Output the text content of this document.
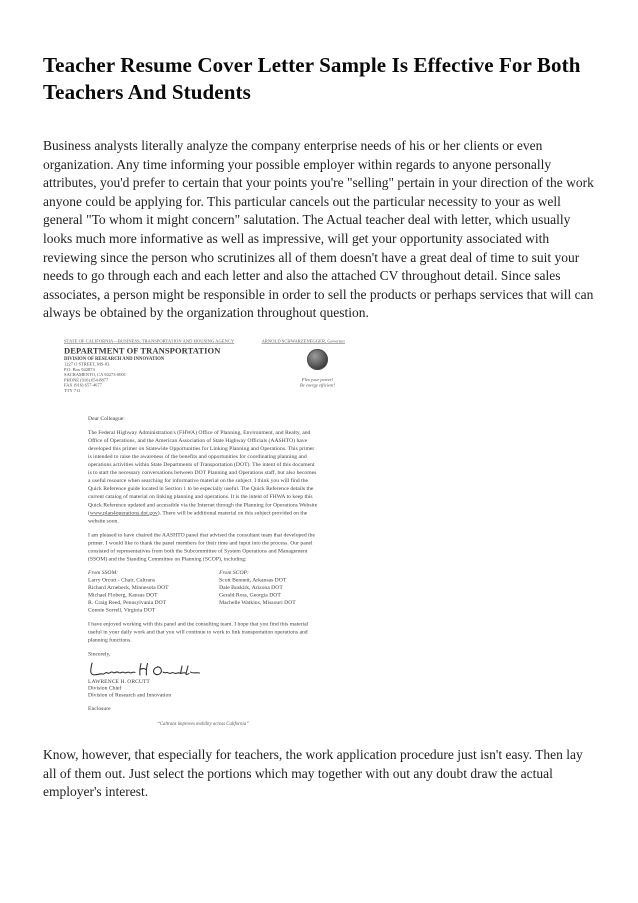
Teacher Resume Cover Letter Sample Is Effective For Both Teachers And Students

Business analysts literally analyze the company enterprise needs of his or her clients or even organization. Any time informing your possible employer within regards to anyone personally attributes, you'd prefer to certain that your points you're "selling" pertain in your direction of the work anyone could be applying for. This particular cancels out the particular necessity to your as well general "To whom it might concern" salutation. The Actual teacher deal with letter, which usually looks much more informative as well as impressive, will get your opportunity associated with reviewing since the person who scrutinizes all of them doesn't have a great deal of time to suit your needs to go through each and each letter and also the attached CV throughout detail. Since sales associates, a person might be responsible in order to sell the products or perhaps services that will can always be obtained by the organization throughout question.

STATE OF CALIFORNIA—BUSINESS, TRANSPORTATION AND HOUSING AGENCY	ARNOLD SCHWARZENEGGER, Governor
DEPARTMENT OF TRANSPORTATION
DIVISION OF RESEARCH AND INNOVATION
1227 O STREET, MS-83
P.O. Box 942873
SACRAMENTO, CA 94273-0001
PHONE (916) 654-8877
FAX (916) 657-4677
TTY 711
Flex your power!
Be energy efficient!

Dear Colleague:

The Federal Highway Administration's (FHWA) Office of Planning, Environment, and Realty, and Office of Operations, and the American Association of State Highway Officials (AASHTO) have developed this primer on Statewide Opportunities for Linking Planning and Operations. This primer is intended to raise the awareness of the benefits and opportunities for coordinating planning and operations activities within State Departments of Transportation (DOT). The intent of this document is to start the necessary conversations between DOT Planning and Operations staff, but also becomes a useful resource when searching for informative material on the subject. I think you will find the Quick Reference guide located in Section 1 to be especially useful. The Quick Reference details the current catalog of material on linking planning and operations. It is the intent of FHWA to keep this Quick Reference updated and accessible via the Internet through the Planning for Operations Website (www.plan4operations.dot.gov). There will be additional material on this subject provided on the website soon.

I am pleased to have chaired the AASHTO panel that advised the consultant team that developed the primer. I would like to thank the panel members for their time and input into the process. Our panel consisted of representatives from both the Subcommittee of System Operations and Management (SSOM) and the Standing Committee on Planning (SCOP), including:

From SSOM:
Larry Orcutt - Chair, Caltrans
Richard Arnebeck, Minnesota DOT
Michael Floberg, Kansas DOT
R. Craig Reed, Pennsylvania DOT
Connie Sorrell, Virginia DOT
From SCOP:
Scott Bennett, Arkansas DOT
Dale Buskirk, Arizona DOT
Gerald Ross, Georgia DOT
Machelle Watkins, Missouri DOT

I have enjoyed working with this panel and the consulting team. I hope that you find this material useful in your daily work and that you will continue to work to link transportation operations and planning functions.

Sincerely,

LAWRENCE H. ORCUTT
Division Chief
Division of Research and Innovation

Enclosure

“Caltrans improves mobility across California”

Know, however, that especially for teachers, the work application procedure just isn't easy. Then lay all of them out. Just select the portions which may together with out any doubt draw the actual employer's interest.
